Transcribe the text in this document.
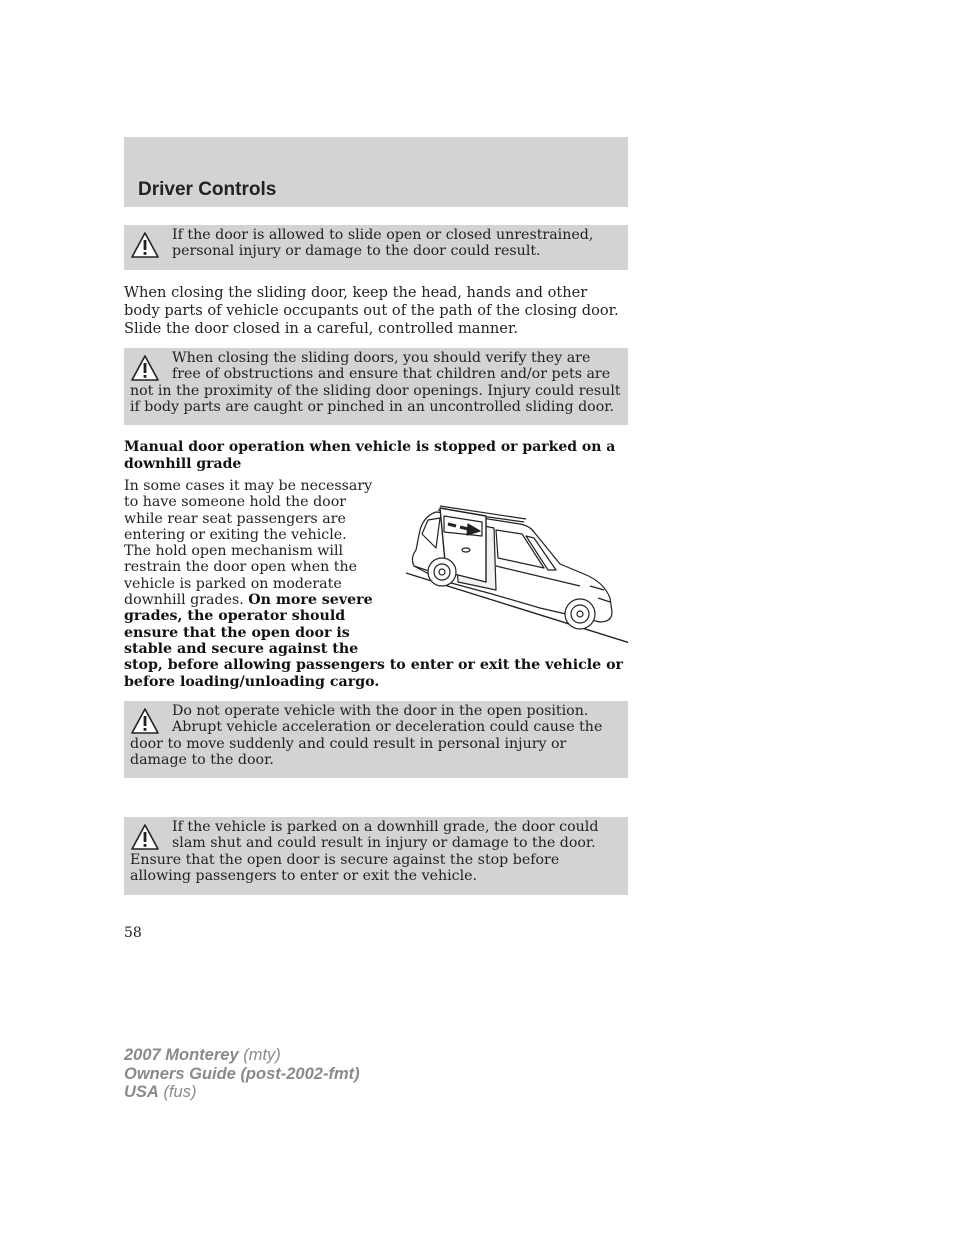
Driver Controls
If the door is allowed to slide open or closed unrestrained, personal injury or damage to the door could result.
When closing the sliding door, keep the head, hands and other body parts of vehicle occupants out of the path of the closing door. Slide the door closed in a careful, controlled manner.
When closing the sliding doors, you should verify they are free of obstructions and ensure that children and/or pets are not in the proximity of the sliding door openings. Injury could result if body parts are caught or pinched in an uncontrolled sliding door.
Manual door operation when vehicle is stopped or parked on a downhill grade
In some cases it may be necessary to have someone hold the door while rear seat passengers are entering or exiting the vehicle. The hold open mechanism will restrain the door open when the vehicle is parked on moderate downhill grades. On more severe grades, the operator should ensure that the open door is stable and secure against the stop, before allowing passengers to enter or exit the vehicle or before loading/unloading cargo.
Do not operate vehicle with the door in the open position. Abrupt vehicle acceleration or deceleration could cause the door to move suddenly and could result in personal injury or damage to the door.
If the vehicle is parked on a downhill grade, the door could slam shut and could result in injury or damage to the door. Ensure that the open door is secure against the stop before allowing passengers to enter or exit the vehicle.
58
2007 Monterey (mty)
Owners Guide (post-2002-fmt)
USA (fus)
